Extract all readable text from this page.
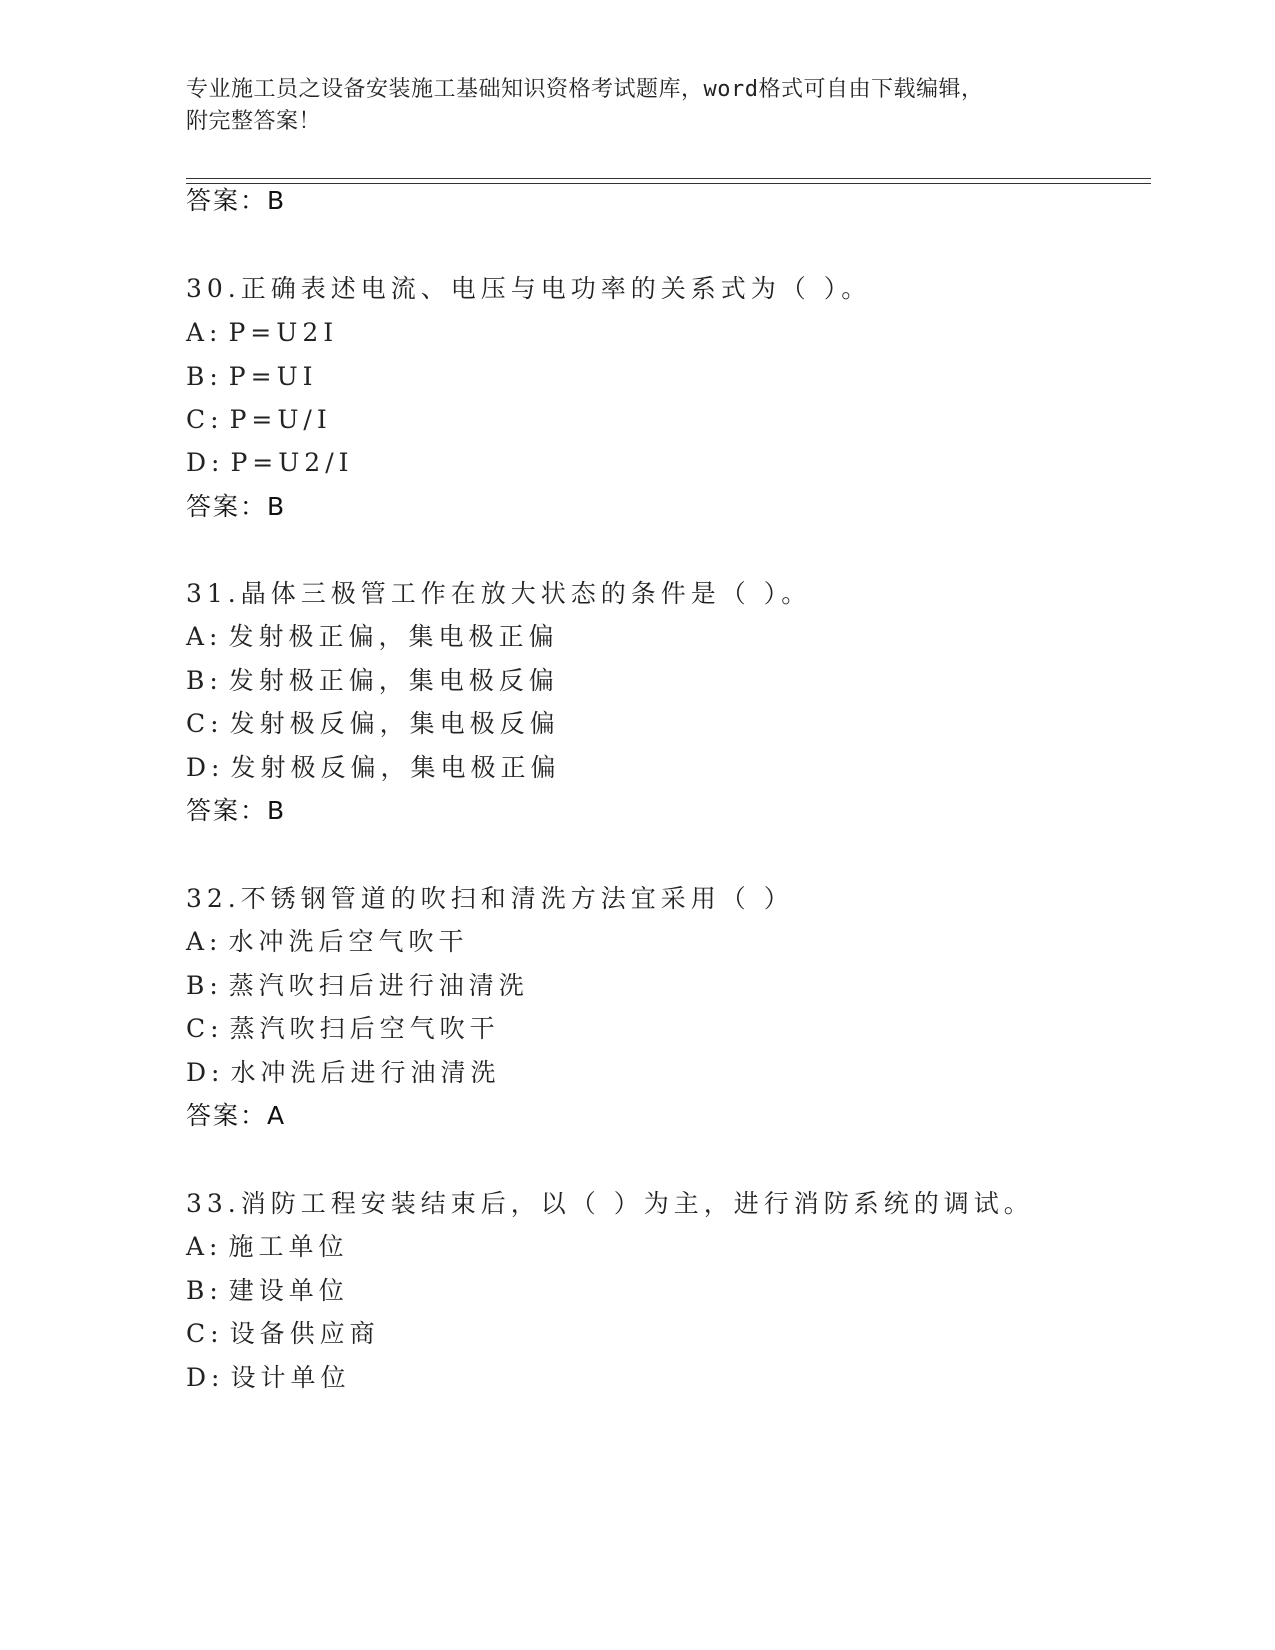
专业施工员之设备安装施工基础知识资格考试题库，word格式可自由下载编辑，
附完整答案！
答案：B
30.正确表述电流、电压与电功率的关系式为（ ）。
A: P=U2I
B: P=UI
C: P=U/I
D: P=U2/I
答案：B
31.晶体三极管工作在放大状态的条件是（ ）。
A: 发射极正偏，集电极正偏
B: 发射极正偏，集电极反偏
C: 发射极反偏，集电极反偏
D: 发射极反偏，集电极正偏
答案：B
32.不锈钢管道的吹扫和清洗方法宜采用（ ）
A: 水冲洗后空气吹干
B: 蒸汽吹扫后进行油清洗
C: 蒸汽吹扫后空气吹干
D: 水冲洗后进行油清洗
答案：A
33.消防工程安装结束后，以（ ）为主，进行消防系统的调试。
A: 施工单位
B: 建设单位
C: 设备供应商
D: 设计单位
